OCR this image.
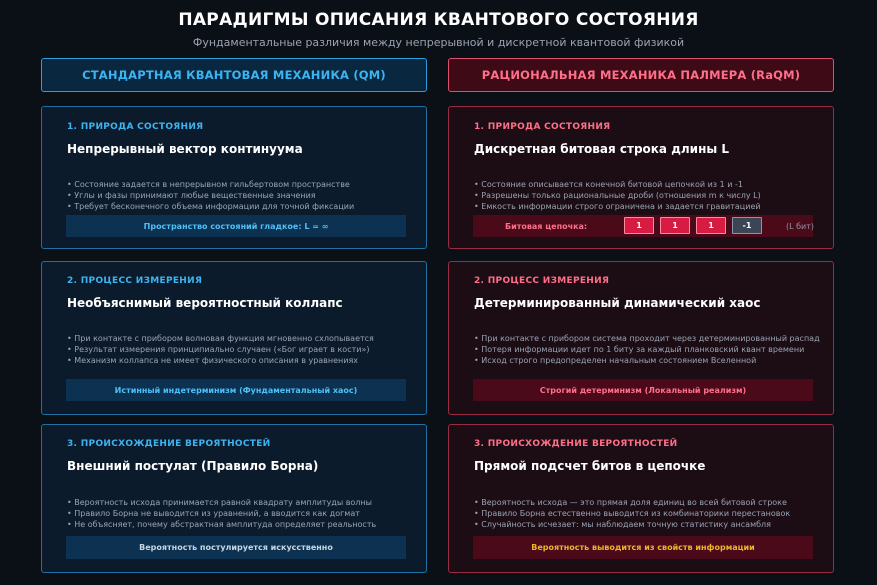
ПАРАДИГМЫ ОПИСАНИЯ КВАНТОВОГО СОСТОЯНИЯ
Фундаментальные различия между непрерывной и дискретной квантовой физикой
СТАНДАРТНАЯ КВАНТОВАЯ МЕХАНИКА (QM)	РАЦИОНАЛЬНАЯ МЕХАНИКА ПАЛМЕРА (RaQM)
1. ПРИРОДА СОСТОЯНИЯ
Непрерывный вектор континуума
• Состояние задается в непрерывном гильбертовом пространстве
• Углы и фазы принимают любые вещественные значения
• Требует бесконечного объема информации для точной фиксации
Пространство состояний гладкое: L = ∞
2. ПРОЦЕСС ИЗМЕРЕНИЯ
Необъяснимый вероятностный коллапс
• При контакте с прибором волновая функция мгновенно схлопывается
• Результат измерения принципиально случаен («Бог играет в кости»)
• Механизм коллапса не имеет физического описания в уравнениях
Истинный индетерминизм (Фундаментальный хаос)
3. ПРОИСХОЖДЕНИЕ ВЕРОЯТНОСТЕЙ
Внешний постулат (Правило Борна)
• Вероятность исхода принимается равной квадрату амплитуды волны
• Правило Борна не выводится из уравнений, а вводится как догмат
• Не объясняет, почему абстрактная амплитуда определяет реальность
Вероятность постулируется искусственно
1. ПРИРОДА СОСТОЯНИЯ
Дискретная битовая строка длины L
• Состояние описывается конечной битовой цепочкой из 1 и -1
• Разрешены только рациональные дроби (отношения m к числу L)
• Емкость информации строго ограничена и задается гравитацией
Битовая цепочка:	1	1	1	-1	(L бит)
2. ПРОЦЕСС ИЗМЕРЕНИЯ
Детерминированный динамический хаос
• При контакте с прибором система проходит через детерминированный распад
• Потеря информации идет по 1 биту за каждый планковский квант времени
• Исход строго предопределен начальным состоянием Вселенной
Строгий детерминизм (Локальный реализм)
3. ПРОИСХОЖДЕНИЕ ВЕРОЯТНОСТЕЙ
Прямой подсчет битов в цепочке
• Вероятность исхода — это прямая доля единиц во всей битовой строке
• Правило Борна естественно выводится из комбинаторики перестановок
• Случайность исчезает: мы наблюдаем точную статистику ансамбля
Вероятность выводится из свойств информации
